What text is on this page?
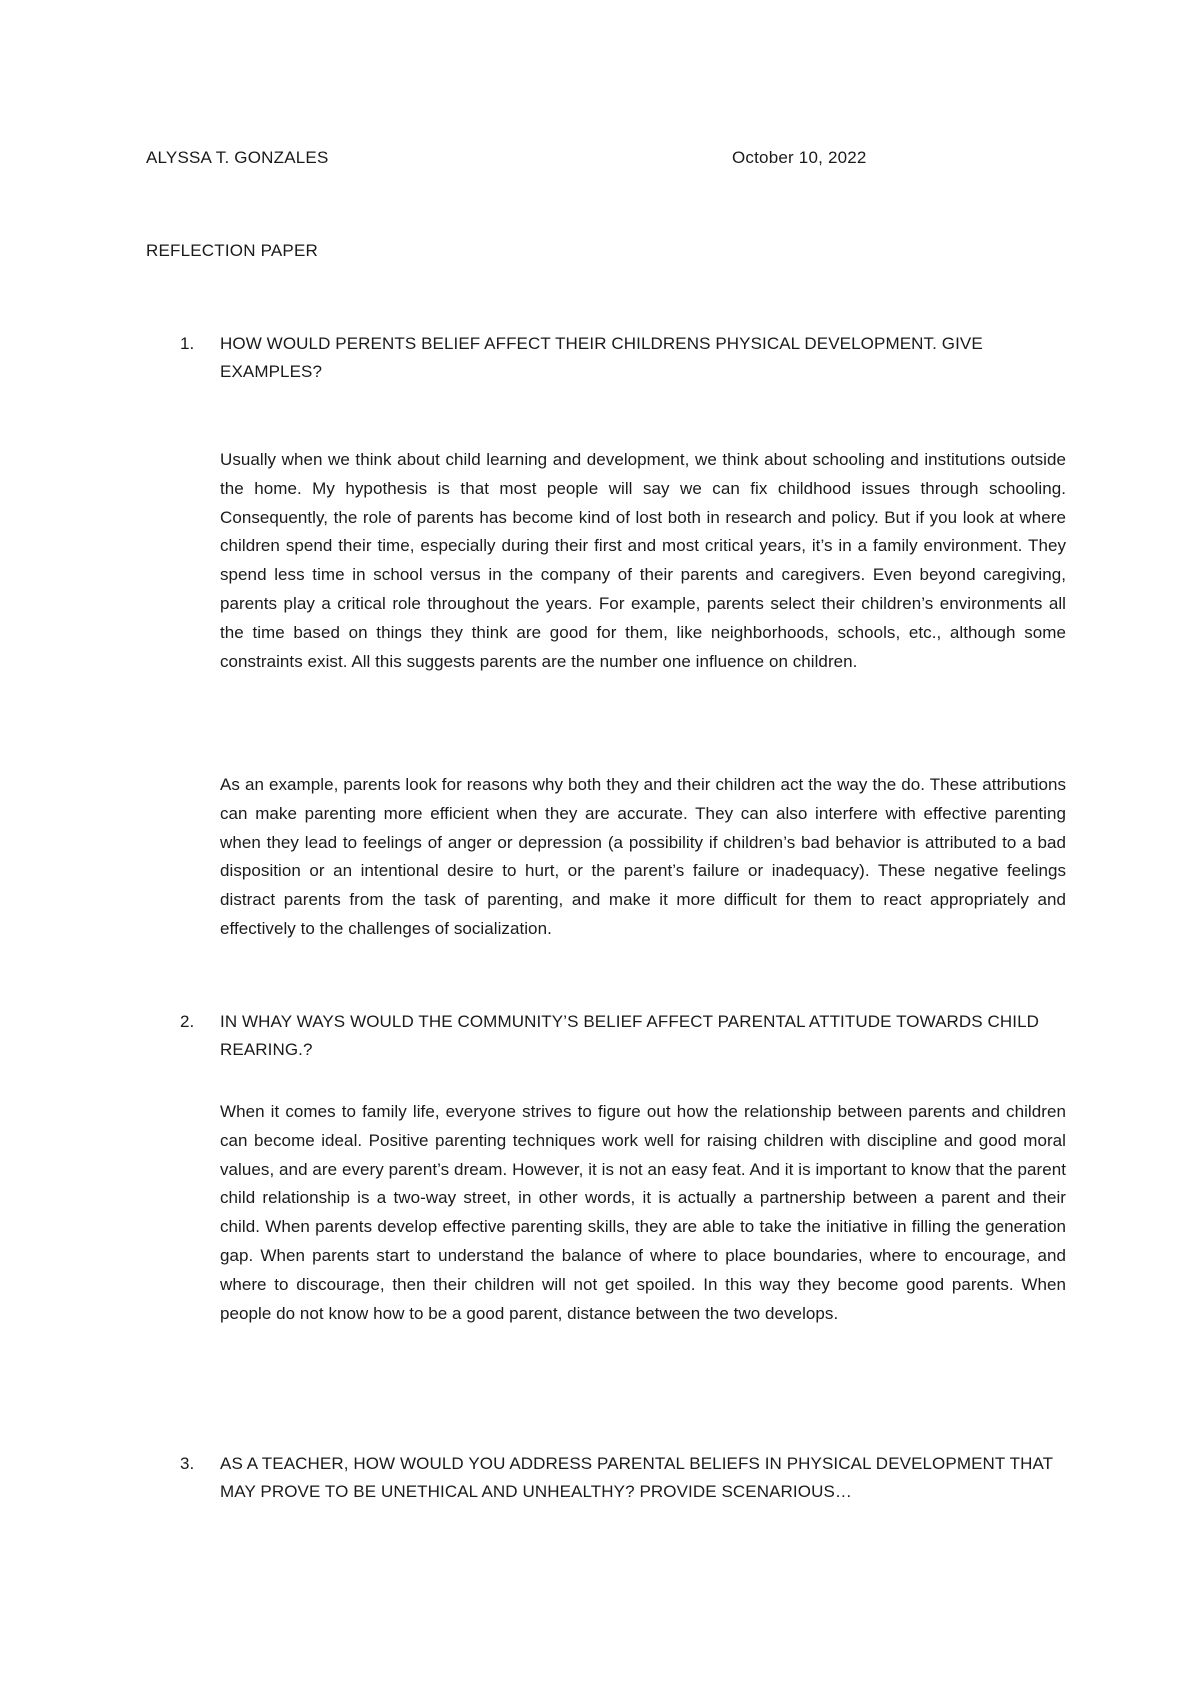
ALYSSA T. GONZALES	October 10, 2022
REFLECTION PAPER
1.	HOW WOULD PERENTS BELIEF AFFECT THEIR CHILDRENS PHYSICAL DEVELOPMENT. GIVE EXAMPLES?

Usually when we think about child learning and development, we think about schooling and institutions outside the home. My hypothesis is that most people will say we can fix childhood issues through schooling. Consequently, the role of parents has become kind of lost both in research and policy. But if you look at where children spend their time, especially during their first and most critical years, it’s in a family environment. They spend less time in school versus in the company of their parents and caregivers. Even beyond caregiving, parents play a critical role throughout the years. For example, parents select their children’s environments all the time based on things they think are good for them, like neighborhoods, schools, etc., although some constraints exist. All this suggests parents are the number one influence on children.

As an example, parents look for reasons why both they and their children act the way the do. These attributions can make parenting more efficient when they are accurate. They can also interfere with effective parenting when they lead to feelings of anger or depression (a possibility if children’s bad behavior is attributed to a bad disposition or an intentional desire to hurt, or the parent’s failure or inadequacy). These negative feelings distract parents from the task of parenting, and make it more difficult for them to react appropriately and effectively to the challenges of socialization.

2.	IN WHAY WAYS WOULD THE COMMUNITY’S BELIEF AFFECT PARENTAL ATTITUDE TOWARDS CHILD REARING.?

When it comes to family life, everyone strives to figure out how the relationship between parents and children can become ideal. Positive parenting techniques work well for raising children with discipline and good moral values, and are every parent’s dream. However, it is not an easy feat. And it is important to know that the parent child relationship is a two-way street, in other words, it is actually a partnership between a parent and their child. When parents develop effective parenting skills, they are able to take the initiative in filling the generation gap. When parents start to understand the balance of where to place boundaries, where to encourage, and where to discourage, then their children will not get spoiled. In this way they become good parents. When people do not know how to be a good parent, distance between the two develops.

3.	AS A TEACHER, HOW WOULD YOU ADDRESS PARENTAL BELIEFS IN PHYSICAL DEVELOPMENT THAT MAY PROVE TO BE UNETHICAL AND UNHEALTHY? PROVIDE SCENARIOUS…
